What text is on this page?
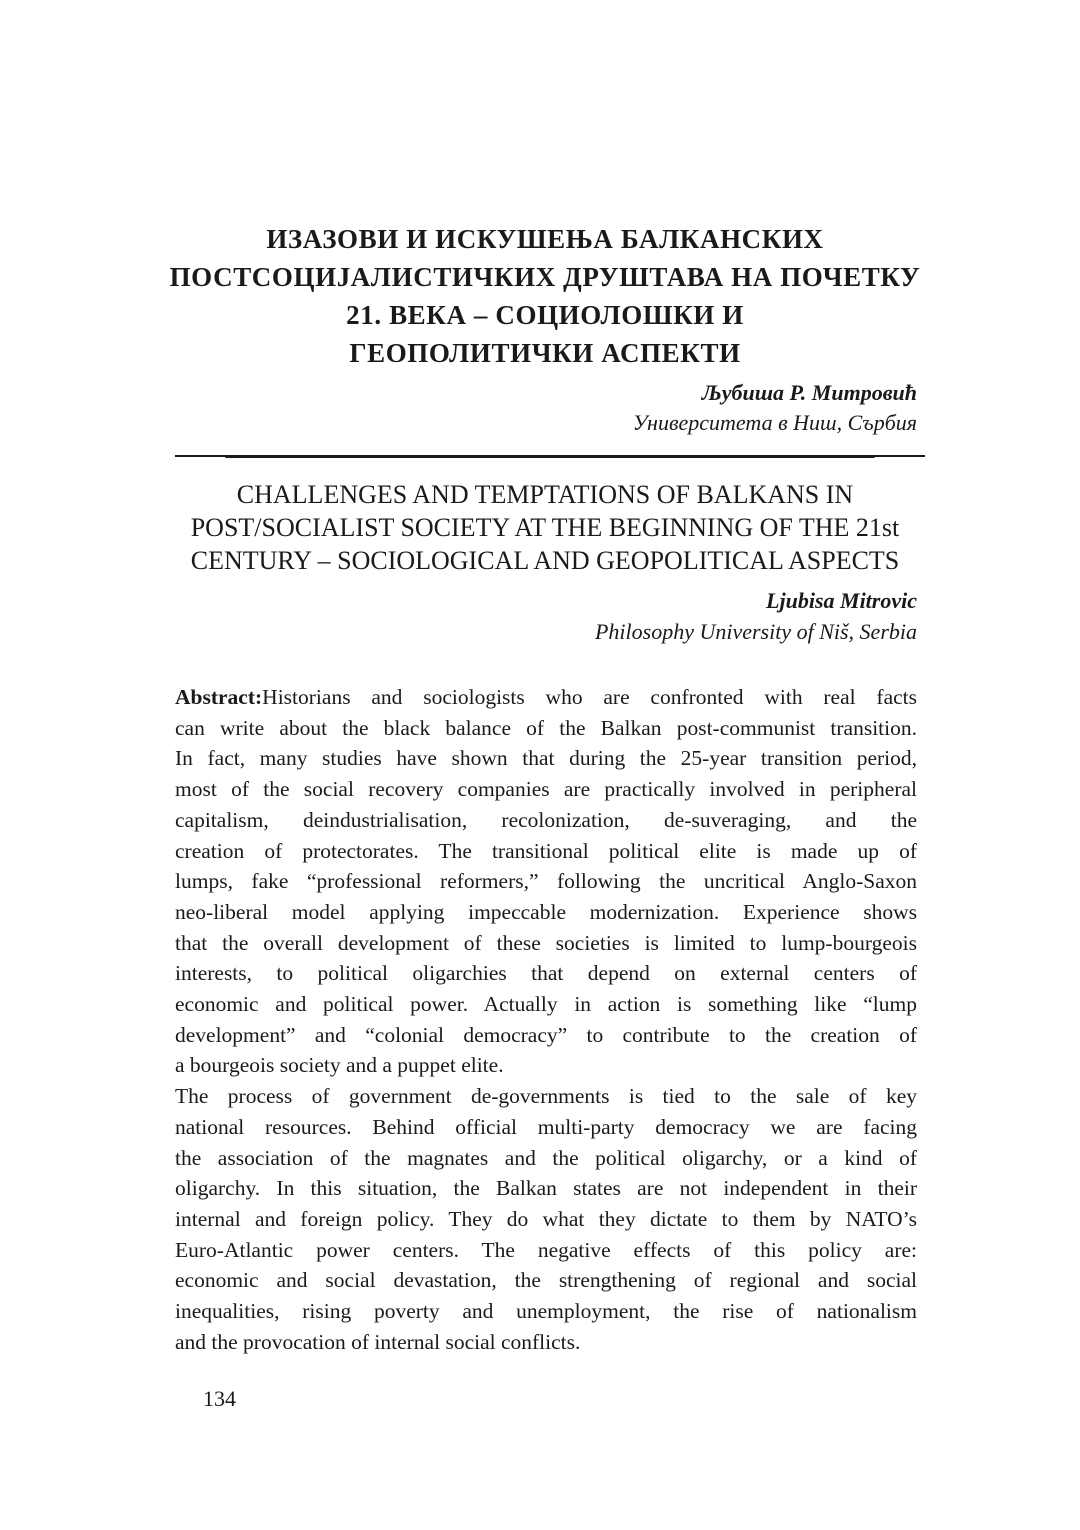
ИЗАЗОВИ И ИСКУШЕЊА БАЛКАНСКИХ
ПОСТСОЦИЈАЛИСТИЧКИХ ДРУШТАВА НА ПОЧЕТКУ
21. ВЕКА – СОЦИОЛОШКИ И
ГЕОПОЛИТИЧКИ АСПЕКТИ
Љубиша Р. Митровић
Университета в Ниш, Сърбия
CHALLENGES AND TEMPTATIONS OF BALKANS IN
POST/SOCIALIST SOCIETY AT THE BEGINNING OF THE 21st
CENTURY – SOCIOLOGICAL AND GEOPOLITICAL ASPECTS
Ljubisa Mitrovic
Philosophy University of Niš, Serbia
Abstract:Historians and sociologists who are confronted with real facts
can write about the black balance of the Balkan post-communist transition.
In fact, many studies have shown that during the 25-year transition period,
most of the social recovery companies are practically involved in peripheral
capitalism, deindustrialisation, recolonization, de-suveraging, and the
creation of protectorates. The transitional political elite is made up of
lumps, fake “professional reformers,” following the uncritical Anglo-Saxon
neo-liberal model applying impeccable modernization. Experience shows
that the overall development of these societies is limited to lump-bourgeois
interests, to political oligarchies that depend on external centers of
economic and political power. Actually in action is something like “lump
development” and “colonial democracy” to contribute to the creation of
a bourgeois society and a puppet elite.
The process of government de-governments is tied to the sale of key
national resources. Behind official multi-party democracy we are facing
the association of the magnates and the political oligarchy, or a kind of
oligarchy. In this situation, the Balkan states are not independent in their
internal and foreign policy. They do what they dictate to them by NATO’s
Euro-Atlantic power centers. The negative effects of this policy are:
economic and social devastation, the strengthening of regional and social
inequalities, rising poverty and unemployment, the rise of nationalism
and the provocation of internal social conflicts.
134
